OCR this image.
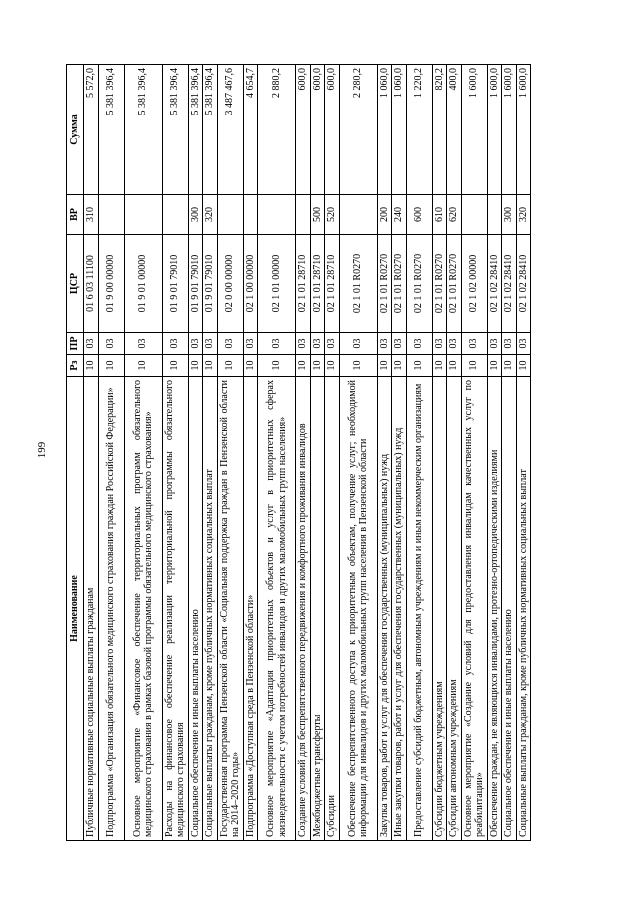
199
Наименование	Рз	ПР	ЦСР	ВР	Сумма
Публичные нормативные социальные выплаты гражданам	10	03	01 6 03 11100	310	5 572,0
Подпрограмма «Организация обязательного медицинского страхования граждан Российской Федерации»	10	03	01 9 00 00000		5 381 396,4
Основное мероприятие «Финансовое обеспечение территориальных программ обязательного медицинского страхования в рамках базовой программы обязательного медицинского страхования»	10	03	01 9 01 00000		5 381 396,4
Расходы на финансовое обеспечение реализации территориальной программы обязательного медицинского страхования	10	03	01 9 01 79010		5 381 396,4
Социальное обеспечение и иные выплаты населению	10	03	01 9 01 79010	300	5 381 396,4
Социальные выплаты гражданам, кроме публичных нормативных социальных выплат	10	03	01 9 01 79010	320	5 381 396,4
Государственная программа Пензенской области «Социальная поддержка граждан в Пензенской области на 2014–2020 годы»	10	03	02 0 00 00000		3 487 467,6
Подпрограмма «Доступная среда в Пензенской области»	10	03	02 1 00 00000		4 654,7
Основное мероприятие «Адаптация приоритетных объектов и услуг в приоритетных сферах жизнедеятельности с учетом потребностей инвалидов и других маломобильных групп населения»	10	03	02 1 01 00000		2 880,2
Создание условий для беспрепятственного передвижения и комфортного проживания инвалидов	10	03	02 1 01 28710		600,0
Межбюджетные трансферты	10	03	02 1 01 28710	500	600,0
Субсидии	10	03	02 1 01 28710	520	600,0
Обеспечение беспрепятственного доступа к приоритетным объектам, получение услуг; необходимой информации для инвалидов и других маломобильных групп населения в Пензенской области	10	03	02 1 01 R0270		2 280,2
Закупка товаров, работ и услуг для обеспечения государственных (муниципальных) нужд	10	03	02 1 01 R0270	200	1 060,0
Иные закупки товаров, работ и услуг для обеспечения государственных (муниципальных) нужд	10	03	02 1 01 R0270	240	1 060,0
Предоставление субсидий бюджетным, автономным учреждениям и иным некоммерческим организациям	10	03	02 1 01 R0270	600	1 220,2
Субсидии бюджетным учреждениям	10	03	02 1 01 R0270	610	820,2
Субсидии автономным учреждениям	10	03	02 1 01 R0270	620	400,0
Основное мероприятие «Создание условий для предоставления инвалидам качественных услуг по реабилитации»	10	03	02 1 02 00000		1 600,0
Обеспечение граждан, не являющихся инвалидами, протезно-ортопедическими изделиями	10	03	02 1 02 28410		1 600,0
Социальное обеспечение и иные выплаты населению	10	03	02 1 02 28410	300	1 600,0
Социальные выплаты гражданам, кроме публичных нормативных социальных выплат	10	03	02 1 02 28410	320	1 600,0
